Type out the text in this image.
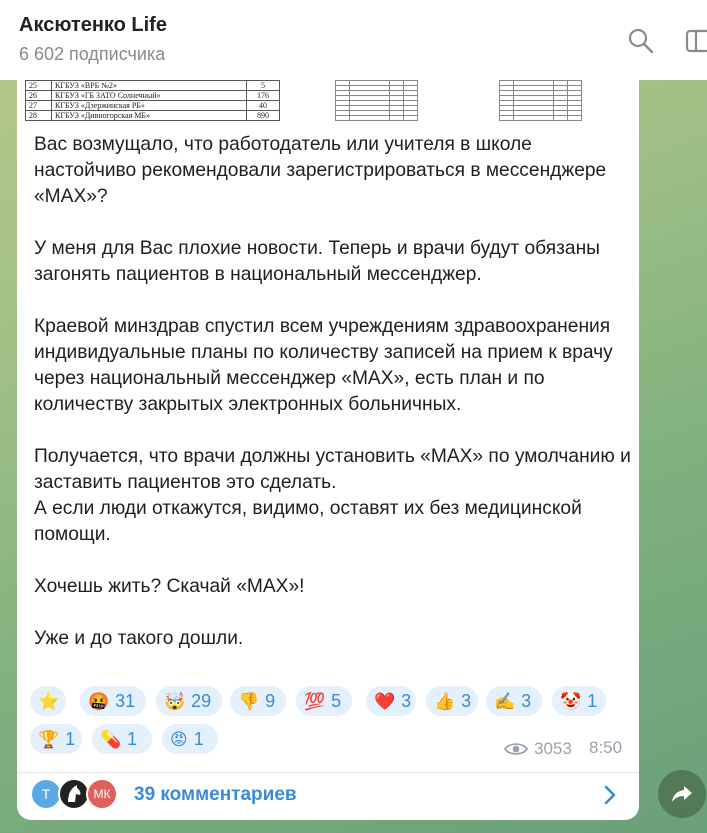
Аксютенко Life
6 602 подписчика
25	КГБУЗ «ВРБ №2»	5
26	КГБУЗ «ГБ ЗАТО Солнечный»	176
27	КГБУЗ «Дзержинская РБ»	40
28	КГБУЗ «Дивногорская МБ»	890

Вас возмущало, что работодатель или учителя в школе настойчиво рекомендовали зарегистрироваться в мессенджере «МАХ»?

У меня для Вас плохие новости. Теперь и врачи будут обязаны загонять пациентов в национальный мессенджер.

Краевой минздрав спустил всем учреждениям здравоохранения индивидуальные планы по количеству записей на прием к врачу через национальный мессенджер «МАХ», есть план и по количеству закрытых электронных больничных.

Получается, что врачи должны установить «МАХ» по умолчанию и заставить пациентов это сделать.
А если люди откажутся, видимо, оставят их без медицинской помощи.

Хочешь жить? Скачай «МАХ»!

Уже и до такого дошли.

⭐ 🤬 31 🤯 29 👎 9 💯 5 ❤️ 3 👍 3 ✍️ 3 🤡 1
🏆 1 💊 1 😡 1	3053 8:50
Т	МК	39 комментариев
